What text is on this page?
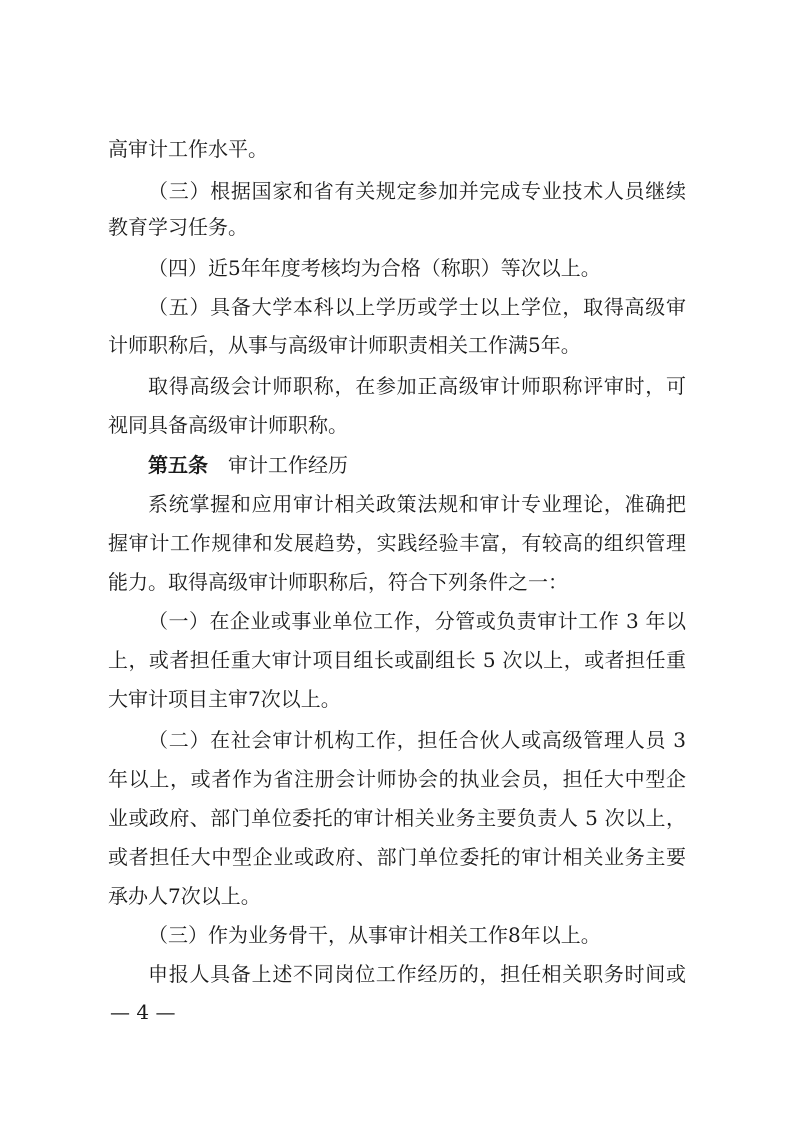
高审计工作水平。
（三）根据国家和省有关规定参加并完成专业技术人员继续
教育学习任务。
（四）近5年年度考核均为合格（称职）等次以上。
（五）具备大学本科以上学历或学士以上学位，取得高级审
计师职称后，从事与高级审计师职责相关工作满5年。
取得高级会计师职称，在参加正高级审计师职称评审时，可
视同具备高级审计师职称。
第五条 审计工作经历
系统掌握和应用审计相关政策法规和审计专业理论，准确把
握审计工作规律和发展趋势，实践经验丰富，有较高的组织管理
能力。取得高级审计师职称后，符合下列条件之一：
（一）在企业或事业单位工作，分管或负责审计工作 3 年以
上，或者担任重大审计项目组长或副组长 5 次以上，或者担任重
大审计项目主审7次以上。
（二）在社会审计机构工作，担任合伙人或高级管理人员 3
年以上，或者作为省注册会计师协会的执业会员，担任大中型企
业或政府、部门单位委托的审计相关业务主要负责人 5 次以上，
或者担任大中型企业或政府、部门单位委托的审计相关业务主要
承办人7次以上。
（三）作为业务骨干，从事审计相关工作8年以上。
申报人具备上述不同岗位工作经历的，担任相关职务时间或
— 4 —
